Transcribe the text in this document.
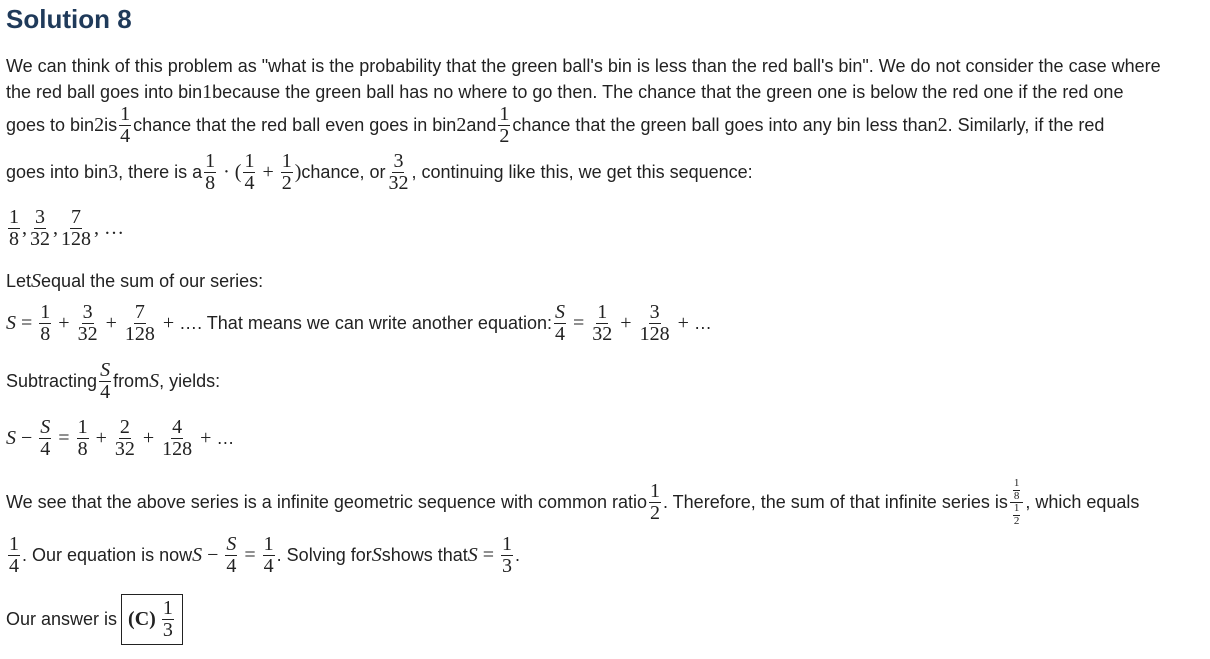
Solution 8
We can think of this problem as "what is the probability that the green ball's bin is less than the red ball's bin". We do not consider the case where
the red ball goes into bin 1 because the green ball has no where to go then. The chance that the green one is below the red one if the red one
goes to bin 2 is $\frac{1}{4}$ chance that the red ball even goes in bin 2 and $\frac{1}{2}$ chance that the green ball goes into any bin less than 2 . Similarly, if the red
goes into bin 3 , there is a $\frac{1}{8}$ · ( $\frac{1}{4} + \frac{1}{2}$ ) chance, or $\frac{3}{32}$ , continuing like this, we get this sequence:
$\frac{1}{8}$ , $\frac{3}{32}$ , $\frac{7}{128}$ , …
Let S equal the sum of our series:
$S = \frac{1}{8} + \frac{3}{32} + \frac{7}{128}$ + … . That means we can write another equation: $\frac{S}{4} = \frac{1}{32} + \frac{3}{128}$ + …
Subtracting $\frac{S}{4}$ from S , yields:
$S - \frac{S}{4} = \frac{1}{8} + \frac{2}{32} + \frac{4}{128}$ + …
We see that the above series is a infinite geometric sequence with common ratio $\frac{1}{2}$ . Therefore, the sum of that infinite series is $\frac{\frac{1}{8}}{\frac{1}{2}}$ , which equals
$\frac{1}{4}$ . Our equation is now $S - \frac{S}{4} = \frac{1}{4}$ . Solving for S shows that $S = \frac{1}{3}$ .
Our answer is $(C) \frac{1}{3}$
